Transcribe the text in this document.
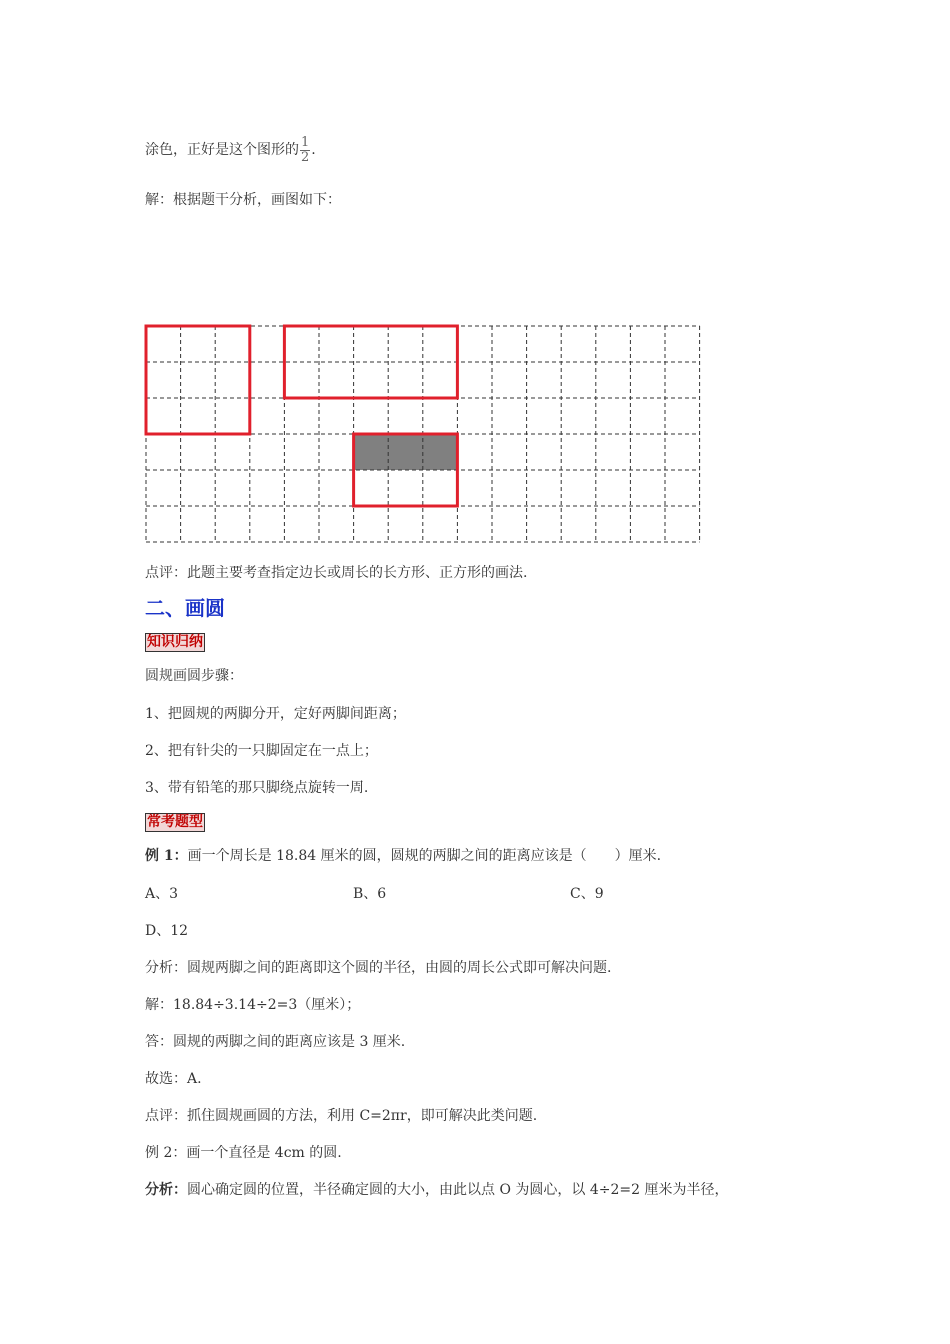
涂色，正好是这个图形的 $\frac{1}{2}$ .
解：根据题干分析，画图如下：
点评：此题主要考查指定边长或周长的长方形、正方形的画法.
二、画圆
知识归纳
圆规画圆步骤：
1、把圆规的两脚分开，定好两脚间距离；
2、把有针尖的一只脚固定在一点上；
3、带有铅笔的那只脚绕点旋转一周.
常考题型
例 1：画一个周长是 18.84 厘米的圆，圆规的两脚之间的距离应该是（　　）厘米.
A、3	B、6	C、9
D、12
分析：圆规两脚之间的距离即这个圆的半径，由圆的周长公式即可解决问题.
解：18.84÷3.14÷2=3（厘米）；
答：圆规的两脚之间的距离应该是 3 厘米.
故选：A.
点评：抓住圆规画圆的方法，利用 C=2πr，即可解决此类问题.
例 2：画一个直径是 4cm 的圆.
分析：圆心确定圆的位置，半径确定圆的大小，由此以点 O 为圆心，以 4÷2=2 厘米为半径，
